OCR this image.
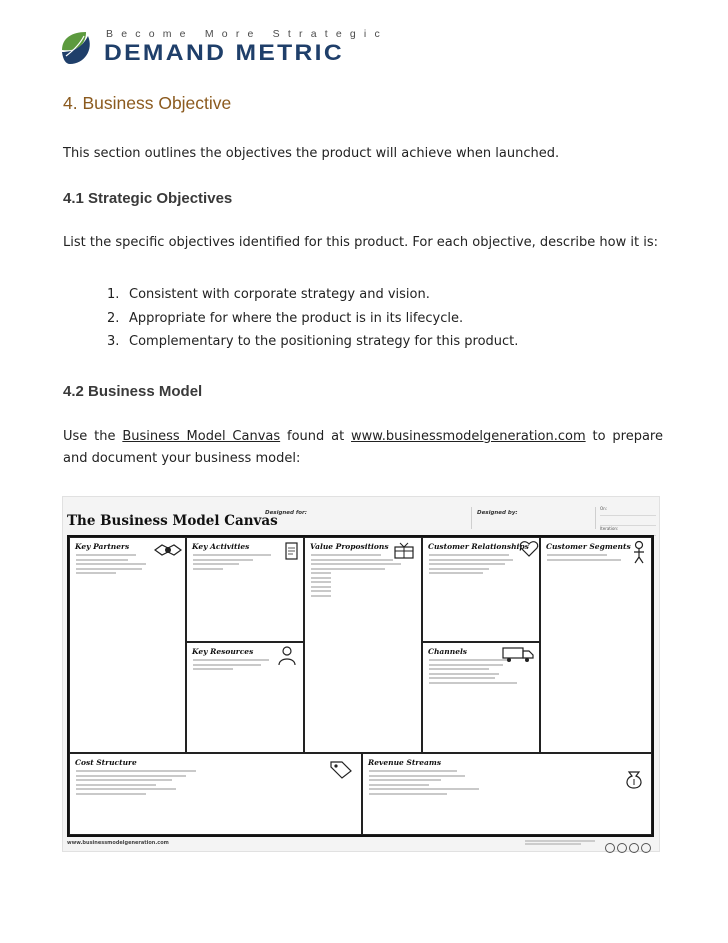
Become More Strategic
DEMAND METRIC
4. Business Objective
This section outlines the objectives the product will achieve when launched.
4.1 Strategic Objectives
List the specific objectives identified for this product. For each objective, describe how it is:
1. Consistent with corporate strategy and vision.
2. Appropriate for where the product is in its lifecycle.
3. Complementary to the positioning strategy for this product.
4.2 Business Model
Use the Business Model Canvas found at www.businessmodelgeneration.com to prepare and document your business model:
The Business Model Canvas
Designed for:	Designed by:
On:
Iteration:
Key Partners	Key Activities
Key Resources
Value Propositions	Customer Relationships
Channels
Customer Segments
Cost Structure	Revenue Streams
www.businessmodelgeneration.com
